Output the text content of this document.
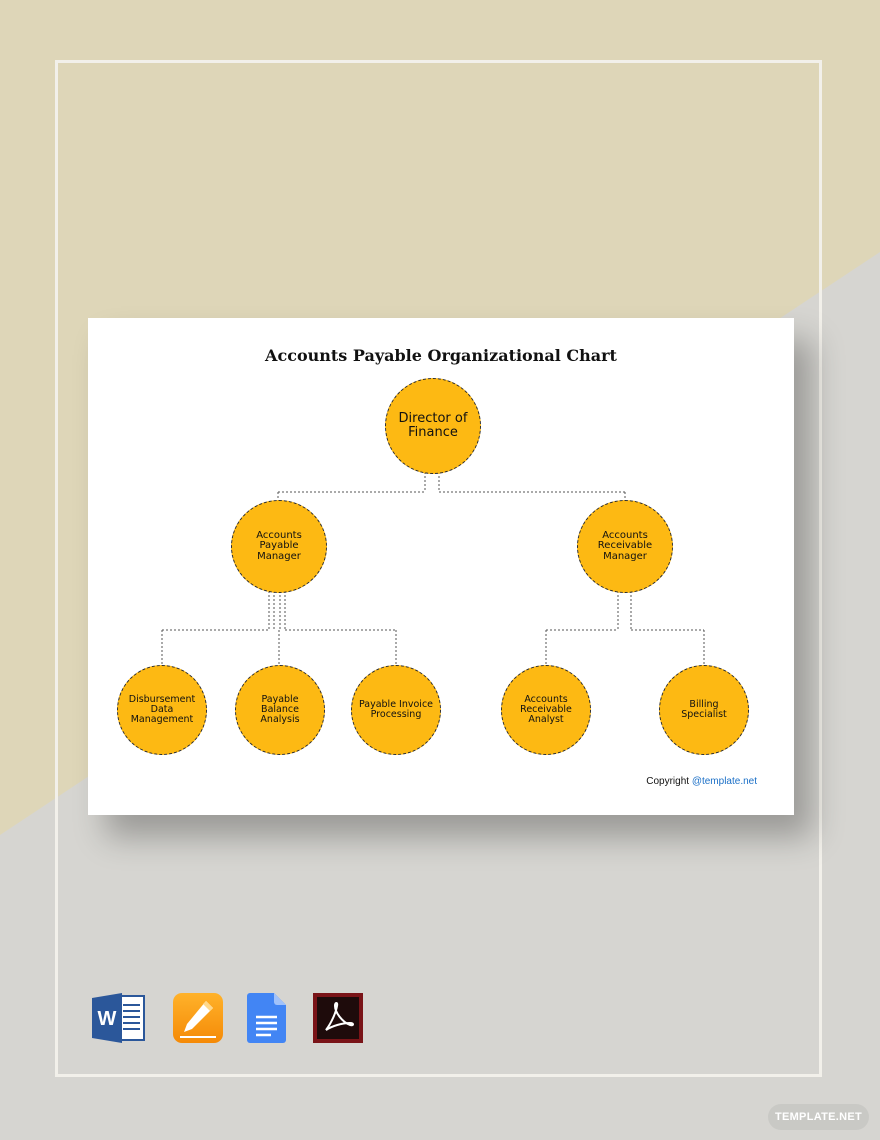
Accounts Payable Organizational Chart
Director of Finance
Accounts Payable Manager
Accounts Receivable Manager
Disbursement Data Management
Payable Balance Analysis
Payable Invoice Processing
Accounts Receivable Analyst
Billing Specialist
Copyright @template.net
W
TEMPLATE.NET
